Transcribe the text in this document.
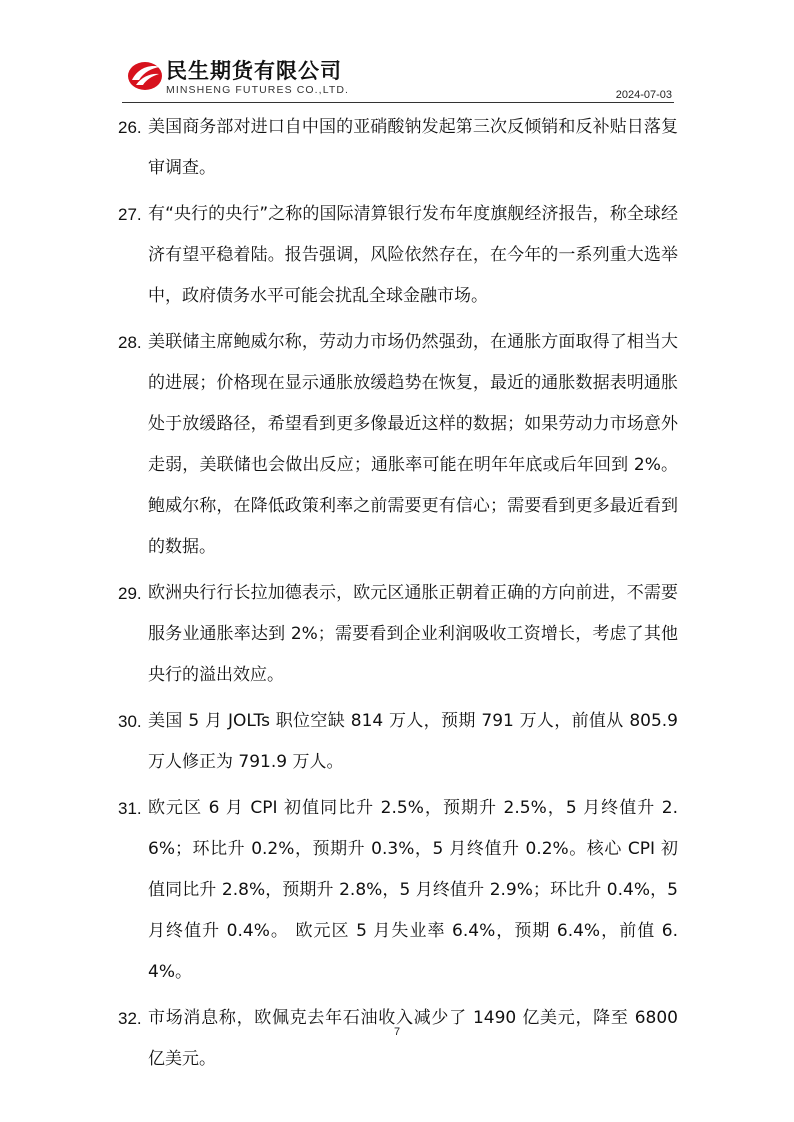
民生期货有限公司
MINSHENG FUTURES CO.,LTD.	2024-07-03
26. 美国商务部对进口自中国的亚硝酸钠发起第三次反倾销和反补贴日落复审调查。
27. 有“央行的央行”之称的国际清算银行发布年度旗舰经济报告，称全球经济有望平稳着陆。报告强调，风险依然存在，在今年的一系列重大选举中，政府债务水平可能会扰乱全球金融市场。
28. 美联储主席鲍威尔称，劳动力市场仍然强劲，在通胀方面取得了相当大的进展；价格现在显示通胀放缓趋势在恢复，最近的通胀数据表明通胀处于放缓路径，希望看到更多像最近这样的数据；如果劳动力市场意外走弱，美联储也会做出反应；通胀率可能在明年年底或后年回到 2%。鲍威尔称，在降低政策利率之前需要更有信心；需要看到更多最近看到的数据。
29. 欧洲央行行长拉加德表示，欧元区通胀正朝着正确的方向前进，不需要服务业通胀率达到 2%；需要看到企业利润吸收工资增长，考虑了其他央行的溢出效应。
30. 美国 5 月 JOLTs 职位空缺 814 万人，预期 791 万人，前值从 805.9 万人修正为 791.9 万人。
31. 欧元区 6 月 CPI 初值同比升 2.5%，预期升 2.5%，5 月终值升 2.6%；环比升 0.2%，预期升 0.3%，5 月终值升 0.2%。核心 CPI 初值同比升 2.8%，预期升 2.8%，5 月终值升 2.9%；环比升 0.4%，5 月终值升 0.4%。 欧元区 5 月失业率 6.4%，预期 6.4%，前值 6.4%。
32. 市场消息称，欧佩克去年石油收入减少了 1490 亿美元，降至 6800 亿美元。
7
